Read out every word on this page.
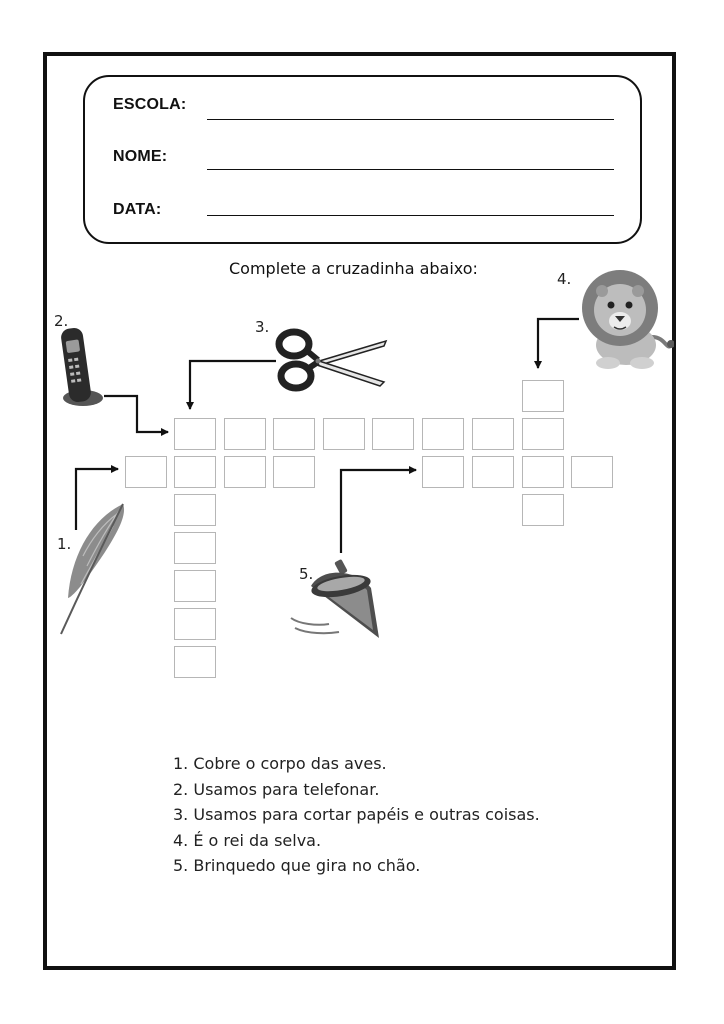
ESCOLA:
NOME:
DATA:
Complete a cruzadinha abaixo:
2.	3.
4.
1.
5.
1. Cobre o corpo das aves.
2. Usamos para telefonar.
3. Usamos para cortar papéis e outras coisas.
4. É o rei da selva.
5. Brinquedo que gira no chão.
